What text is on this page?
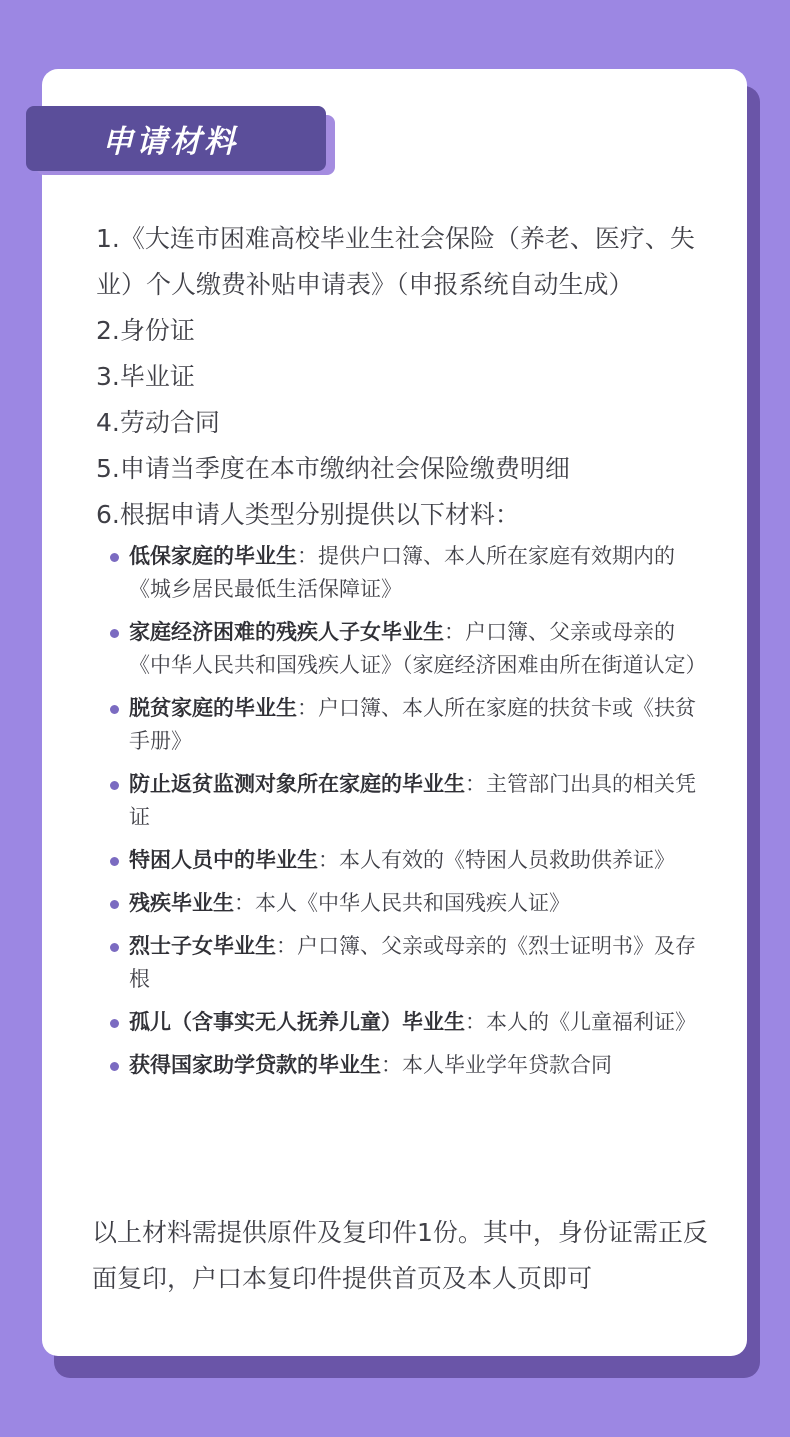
申请材料
1.《大连市困难高校毕业生社会保险（养老、医疗、失业）个人缴费补贴申请表》（申报系统自动生成）
2.身份证
3.毕业证
4.劳动合同
5.申请当季度在本市缴纳社会保险缴费明细
6.根据申请人类型分别提供以下材料：
低保家庭的毕业生：提供户口簿、本人所在家庭有效期内的《城乡居民最低生活保障证》
家庭经济困难的残疾人子女毕业生：户口簿、父亲或母亲的《中华人民共和国残疾人证》（家庭经济困难由所在街道认定）
脱贫家庭的毕业生：户口簿、本人所在家庭的扶贫卡或《扶贫手册》
防止返贫监测对象所在家庭的毕业生：主管部门出具的相关凭证
特困人员中的毕业生：本人有效的《特困人员救助供养证》
残疾毕业生：本人《中华人民共和国残疾人证》
烈士子女毕业生：户口簿、父亲或母亲的《烈士证明书》及存根
孤儿（含事实无人抚养儿童）毕业生：本人的《儿童福利证》
获得国家助学贷款的毕业生：本人毕业学年贷款合同

以上材料需提供原件及复印件1份。其中，身份证需正反面复印，户口本复印件提供首页及本人页即可
